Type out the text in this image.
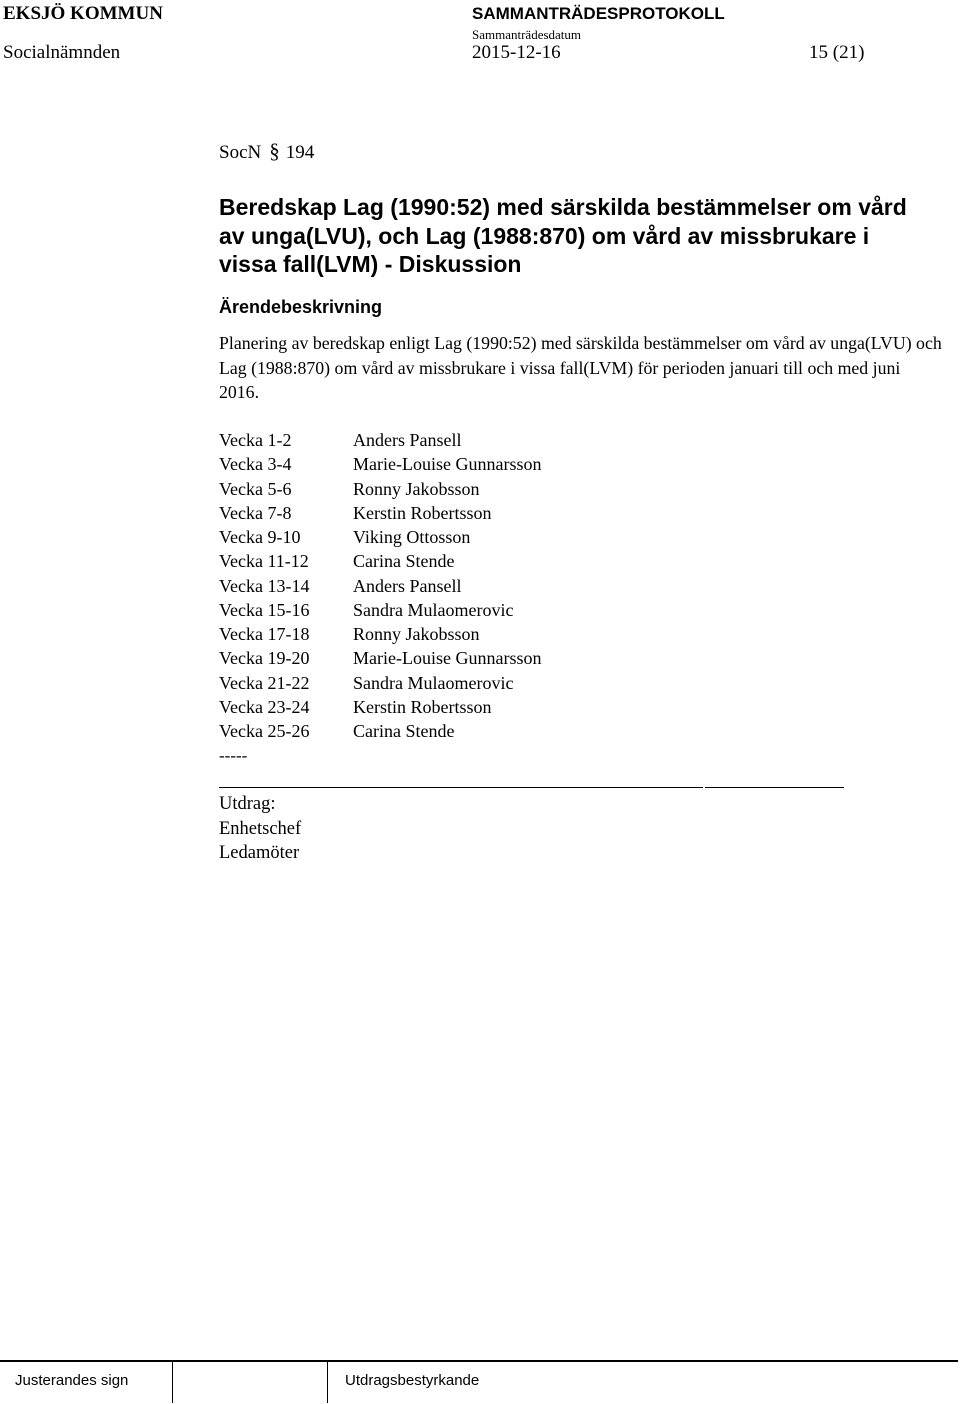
EKSJÖ KOMMUN	SAMMANTRÄDESPROTOKOLL
Sammanträdesdatum
Socialnämnden	2015-12-16	15 (21)
SocN § 194
Beredskap Lag (1990:52) med särskilda bestämmelser om vård av unga(LVU), och Lag (1988:870) om vård av missbrukare i vissa fall(LVM) - Diskussion
Ärendebeskrivning
Planering av beredskap enligt Lag (1990:52) med särskilda bestämmelser om vård av unga(LVU) och Lag (1988:870) om vård av missbrukare i vissa fall(LVM) för perioden januari till och med juni 2016.
Vecka 1-2	Anders Pansell
Vecka 3-4	Marie-Louise Gunnarsson
Vecka 5-6	Ronny Jakobsson
Vecka 7-8	Kerstin Robertsson
Vecka 9-10	Viking Ottosson
Vecka 11-12 Carina Stende
Vecka 13-14 Anders Pansell
Vecka 15-16 Sandra Mulaomerovic
Vecka 17-18 Ronny Jakobsson
Vecka 19-20 Marie-Louise Gunnarsson
Vecka 21-22 Sandra Mulaomerovic
Vecka 23-24 Kerstin Robertsson
Vecka 25-26 Carina Stende
-----
Utdrag:
Enhetschef
Ledamöter
Justerandes sign	Utdragsbestyrkande
